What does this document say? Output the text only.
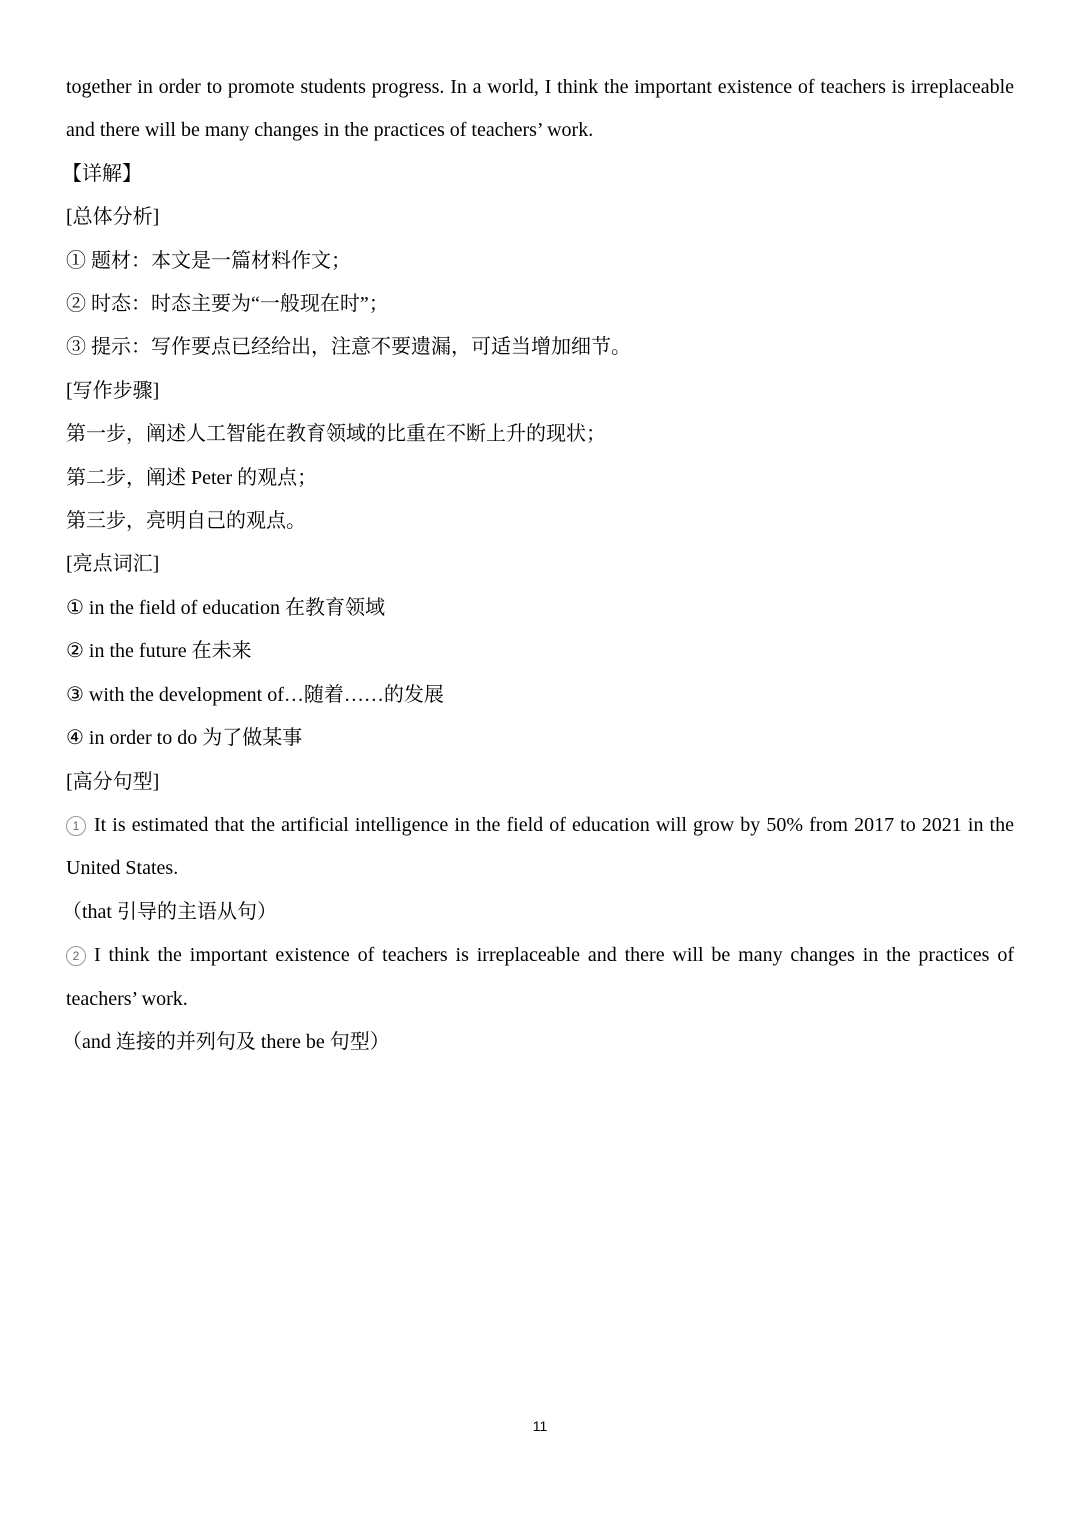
together in order to promote students progress. In a world, I think the important existence of teachers is irreplaceable and there will be many changes in the practices of teachers’ work.
【详解】
[总体分析]
① 题材：本文是一篇材料作文；
② 时态：时态主要为“一般现在时”；
③ 提示：写作要点已经给出，注意不要遗漏，可适当增加细节。
[写作步骤]
第一步，阐述人工智能在教育领域的比重在不断上升的现状；
第二步，阐述 Peter 的观点；
第三步，亮明自己的观点。
[亮点词汇]
① in the field of education 在教育领域
② in the future 在未来
③ with the development of…随着……的发展
④ in order to do 为了做某事
[高分句型]
1 It is estimated that the artificial intelligence in the field of education will grow by 50% from 2017 to 2021 in the United States.
（that 引导的主语从句）
2 I think the important existence of teachers is irreplaceable and there will be many changes in the practices of teachers’ work.
（and 连接的并列句及 there be 句型）
11
